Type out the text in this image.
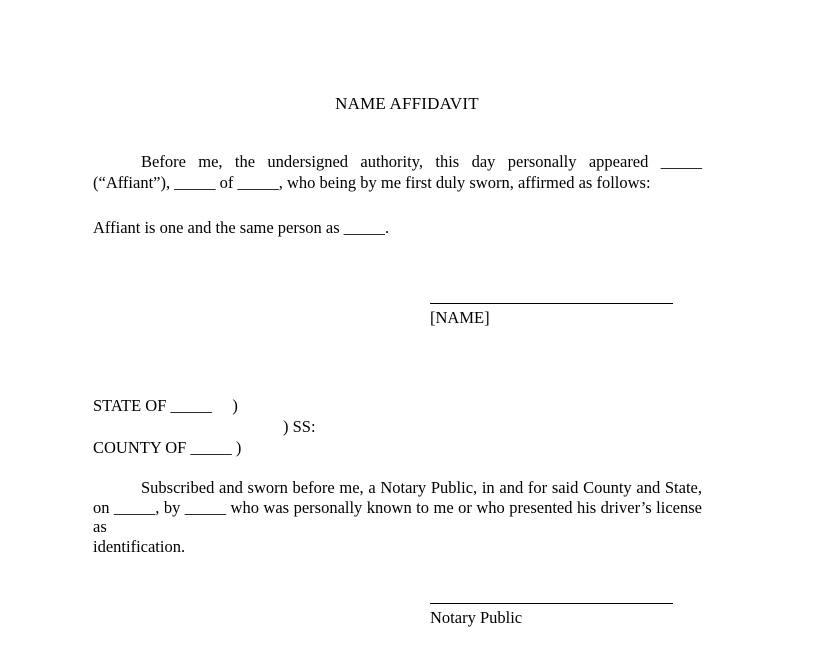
NAME AFFIDAVIT
Before me, the undersigned authority, this day personally appeared _____ (“Affiant”), _____ of _____, who being by me first duly sworn, affirmed as follows:
Affiant is one and the same person as _____.
[NAME]
STATE OF _____ )
) SS:
COUNTY OF _____ )
Subscribed and sworn before me, a Notary Public, in and for said County and State, on _____, by _____ who was personally known to me or who presented his driver’s license as
identification.
Notary Public
